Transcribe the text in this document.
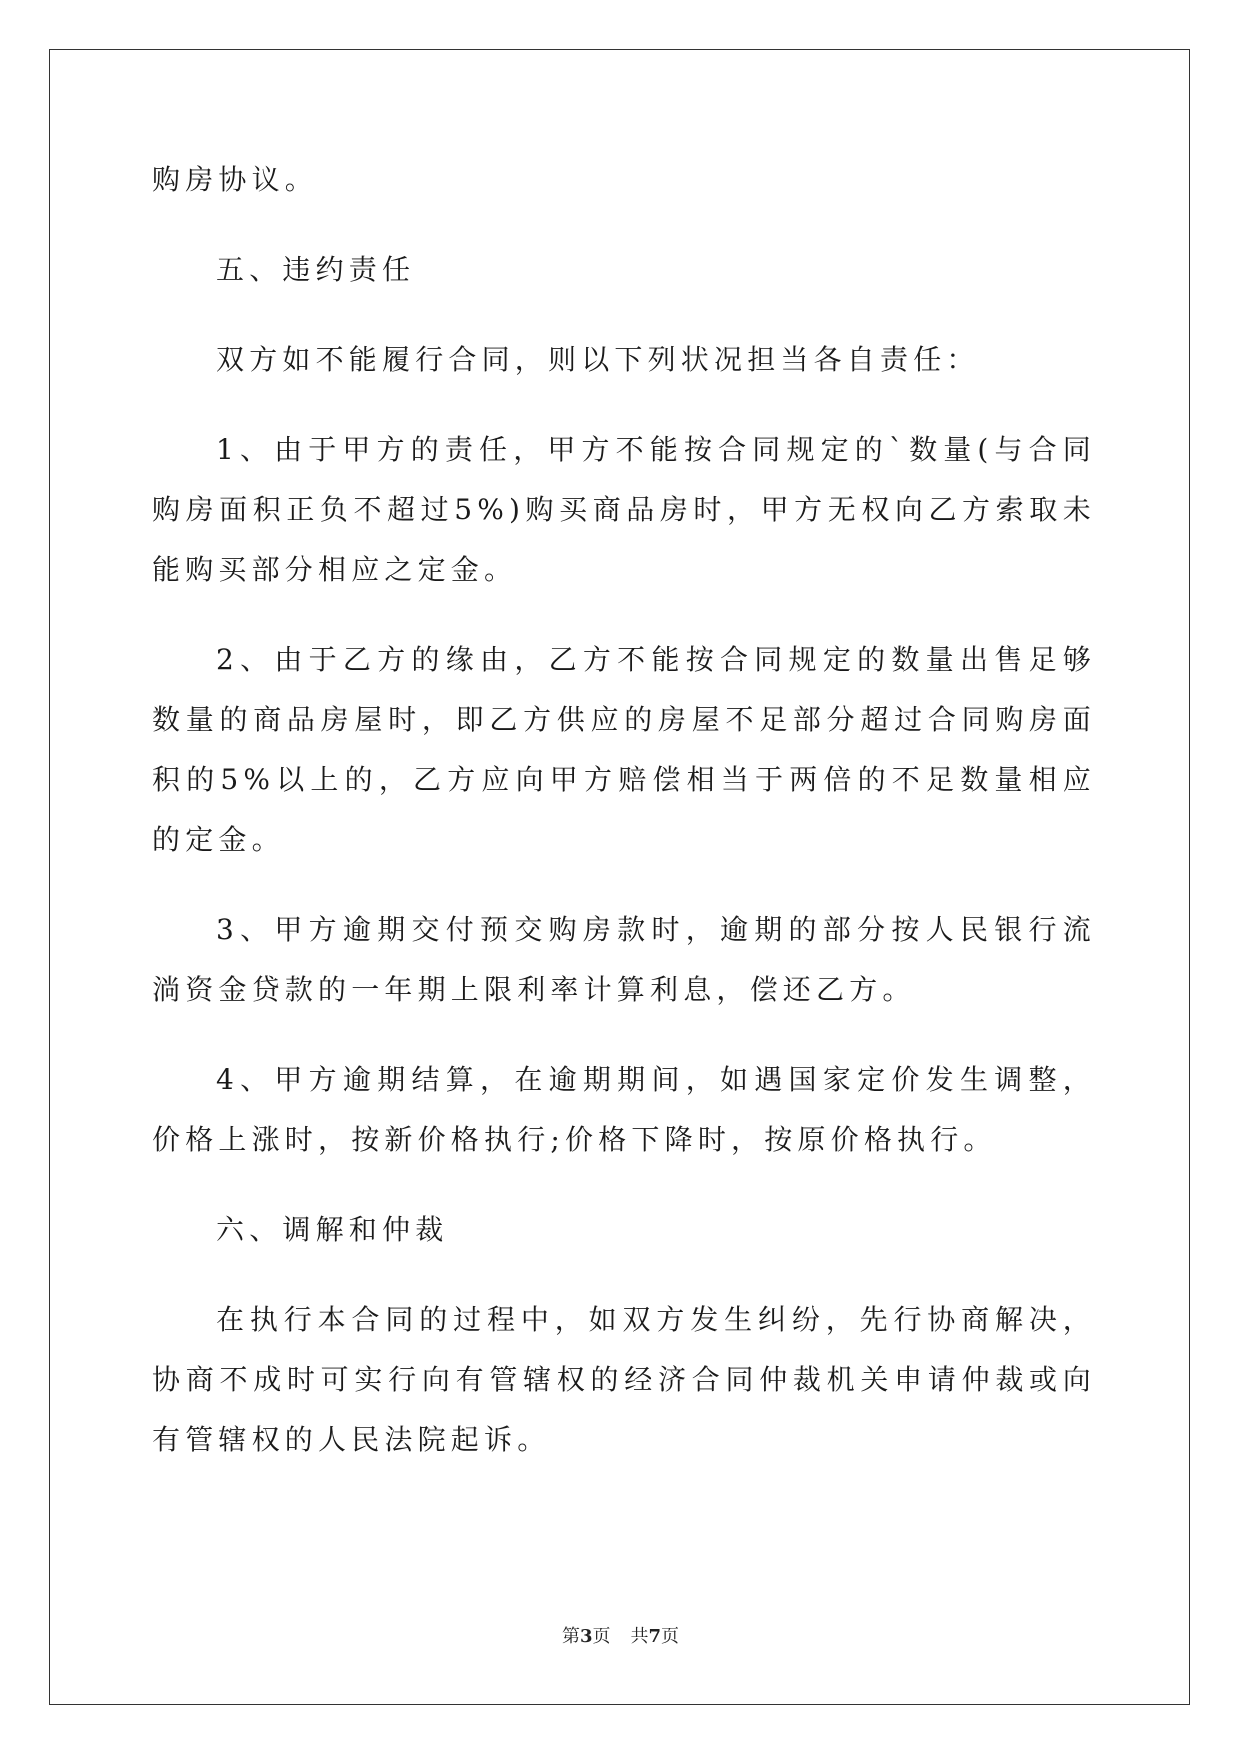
购房协议。

五、违约责任

双方如不能履行合同，则以下列状况担当各自责任：

1、由于甲方的责任，甲方不能按合同规定的`数量(与合同购房面积正负不超过5%)购买商品房时，甲方无权向乙方索取未能购买部分相应之定金。

2、由于乙方的缘由，乙方不能按合同规定的数量出售足够数量的商品房屋时，即乙方供应的房屋不足部分超过合同购房面积的5%以上的，乙方应向甲方赔偿相当于两倍的不足数量相应的定金。

3、甲方逾期交付预交购房款时，逾期的部分按人民银行流淌资金贷款的一年期上限利率计算利息，偿还乙方。

4、甲方逾期结算，在逾期期间，如遇国家定价发生调整，价格上涨时，按新价格执行;价格下降时，按原价格执行。

六、调解和仲裁

在执行本合同的过程中，如双方发生纠纷，先行协商解决，协商不成时可实行向有管辖权的经济合同仲裁机关申请仲裁或向有管辖权的人民法院起诉。

第3页 共7页
